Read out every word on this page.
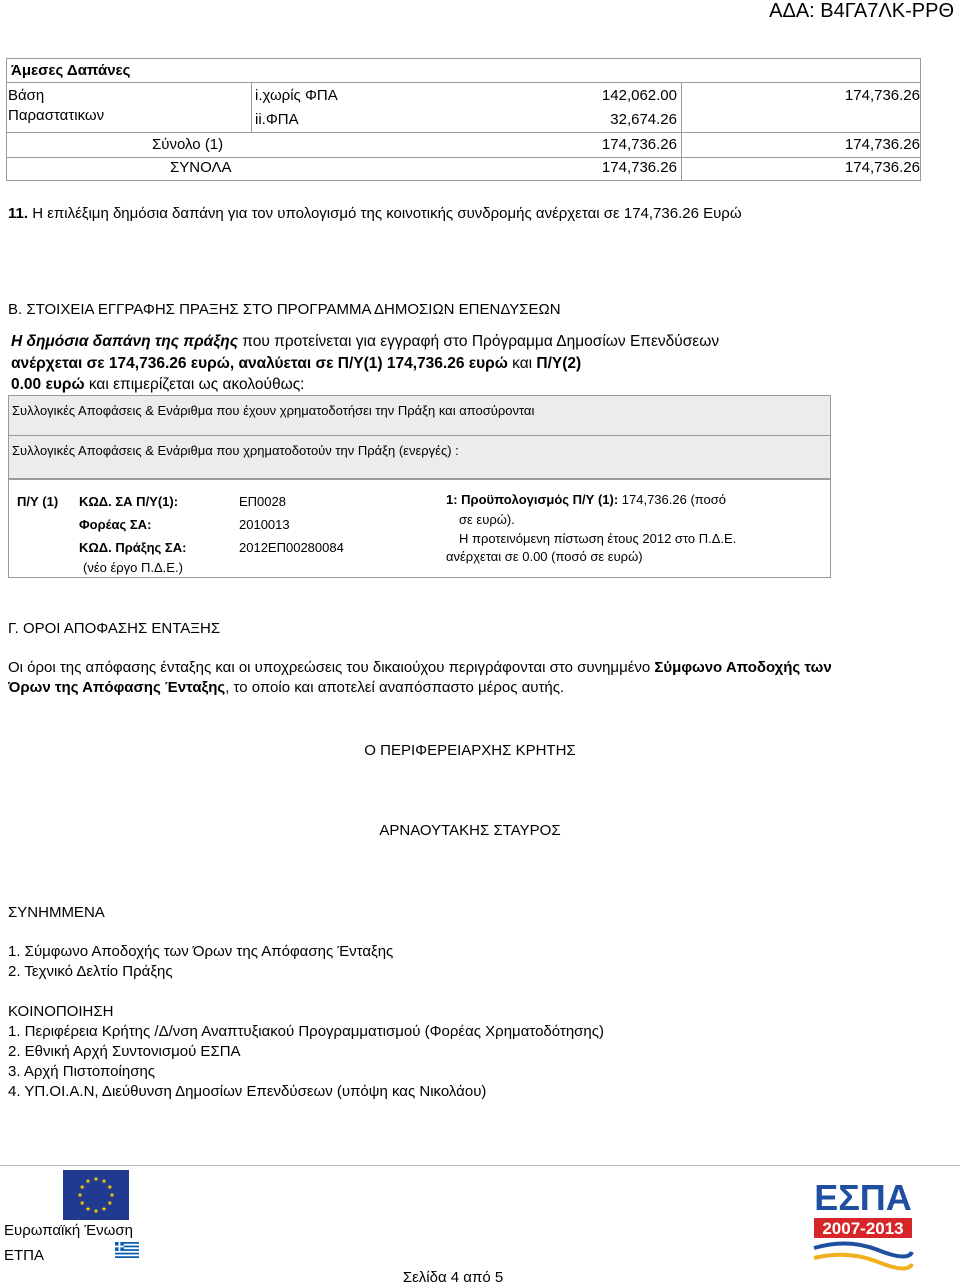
ΑΔΑ: Β4ΓΑ7ΛΚ-ΡΡΘ
Άμεσες Δαπάνες
Βάση
Παραστατικων
i.χωρίς ΦΠΑ	142,062.00	174,736.26
ii.ΦΠΑ	32,674.26
Σύνολο (1)	174,736.26	174,736.26
ΣΥΝΟΛΑ	174,736.26	174,736.26
11. Η επιλέξιμη δημόσια δαπάνη για τον υπολογισμό της κοινοτικής συνδρομής ανέρχεται σε 174,736.26 Ευρώ
Β. ΣΤΟΙΧΕΙΑ ΕΓΓΡΑΦΗΣ ΠΡΑΞΗΣ ΣΤΟ ΠΡΟΓΡΑΜΜΑ ΔΗΜΟΣΙΩΝ ΕΠΕΝΔΥΣΕΩΝ
Η δημόσια δαπάνη της πράξης που προτείνεται για εγγραφή στο Πρόγραμμα Δημοσίων Επενδύσεων
ανέρχεται σε 174,736.26 ευρώ, αναλύεται σε Π/Υ(1) 174,736.26 ευρώ και Π/Υ(2)
0.00 ευρώ και επιμερίζεται ως ακολούθως:
Συλλογικές Αποφάσεις & Ενάριθμα που έχουν χρηματοδοτήσει την Πράξη και αποσύρονται
Συλλογικές Αποφάσεις & Ενάριθμα που χρηματοδοτούν την Πράξη (ενεργές) :
Π/Υ (1) ΚΩΔ. ΣΑ Π/Υ(1):	ΕΠ0028
Φορέας ΣΑ:	2010013
ΚΩΔ. Πράξης ΣΑ:	2012ΕΠ00280084
(νέο έργο Π.Δ.Ε.)
1: Προϋπολογισμός Π/Υ (1): 174,736.26 (ποσό
σε ευρώ).
Η προτεινόμενη πίστωση έτους 2012 στο Π.Δ.Ε.
ανέρχεται σε 0.00 (ποσό σε ευρώ)
Γ. ΟΡΟΙ ΑΠΟΦΑΣΗΣ ΕΝΤΑΞΗΣ
Οι όροι της απόφασης ένταξης και οι υποχρεώσεις του δικαιούχου περιγράφονται στο συνημμένο Σύμφωνο Αποδοχής των
Όρων της Απόφασης Ένταξης, το οποίο και αποτελεί αναπόσπαστο μέρος αυτής.
Ο ΠΕΡΙΦΕΡΕΙΑΡΧΗΣ ΚΡΗΤΗΣ
ΑΡΝΑΟΥΤΑΚΗΣ ΣΤΑΥΡΟΣ
ΣΥΝΗΜΜΕΝΑ
1. Σύμφωνο Αποδοχής των Όρων της Απόφασης Ένταξης
2. Τεχνικό Δελτίο Πράξης
ΚΟΙΝΟΠΟΙΗΣΗ
1. Περιφέρεια Κρήτης /Δ/νση Αναπτυξιακού Προγραμματισμού (Φορέας Χρηματοδότησης)
2. Εθνική Αρχή Συντονισμού ΕΣΠΑ
3. Αρχή Πιστοποίησης
4. ΥΠ.ΟΙ.Α.Ν, Διεύθυνση Δημοσίων Επενδύσεων (υπόψη κας Νικολάου)
Ευρωπαϊκή Ένωση
ΕΤΠΑ
ΕΣΠΑ
2007-2013
Σελίδα 4 από 5
